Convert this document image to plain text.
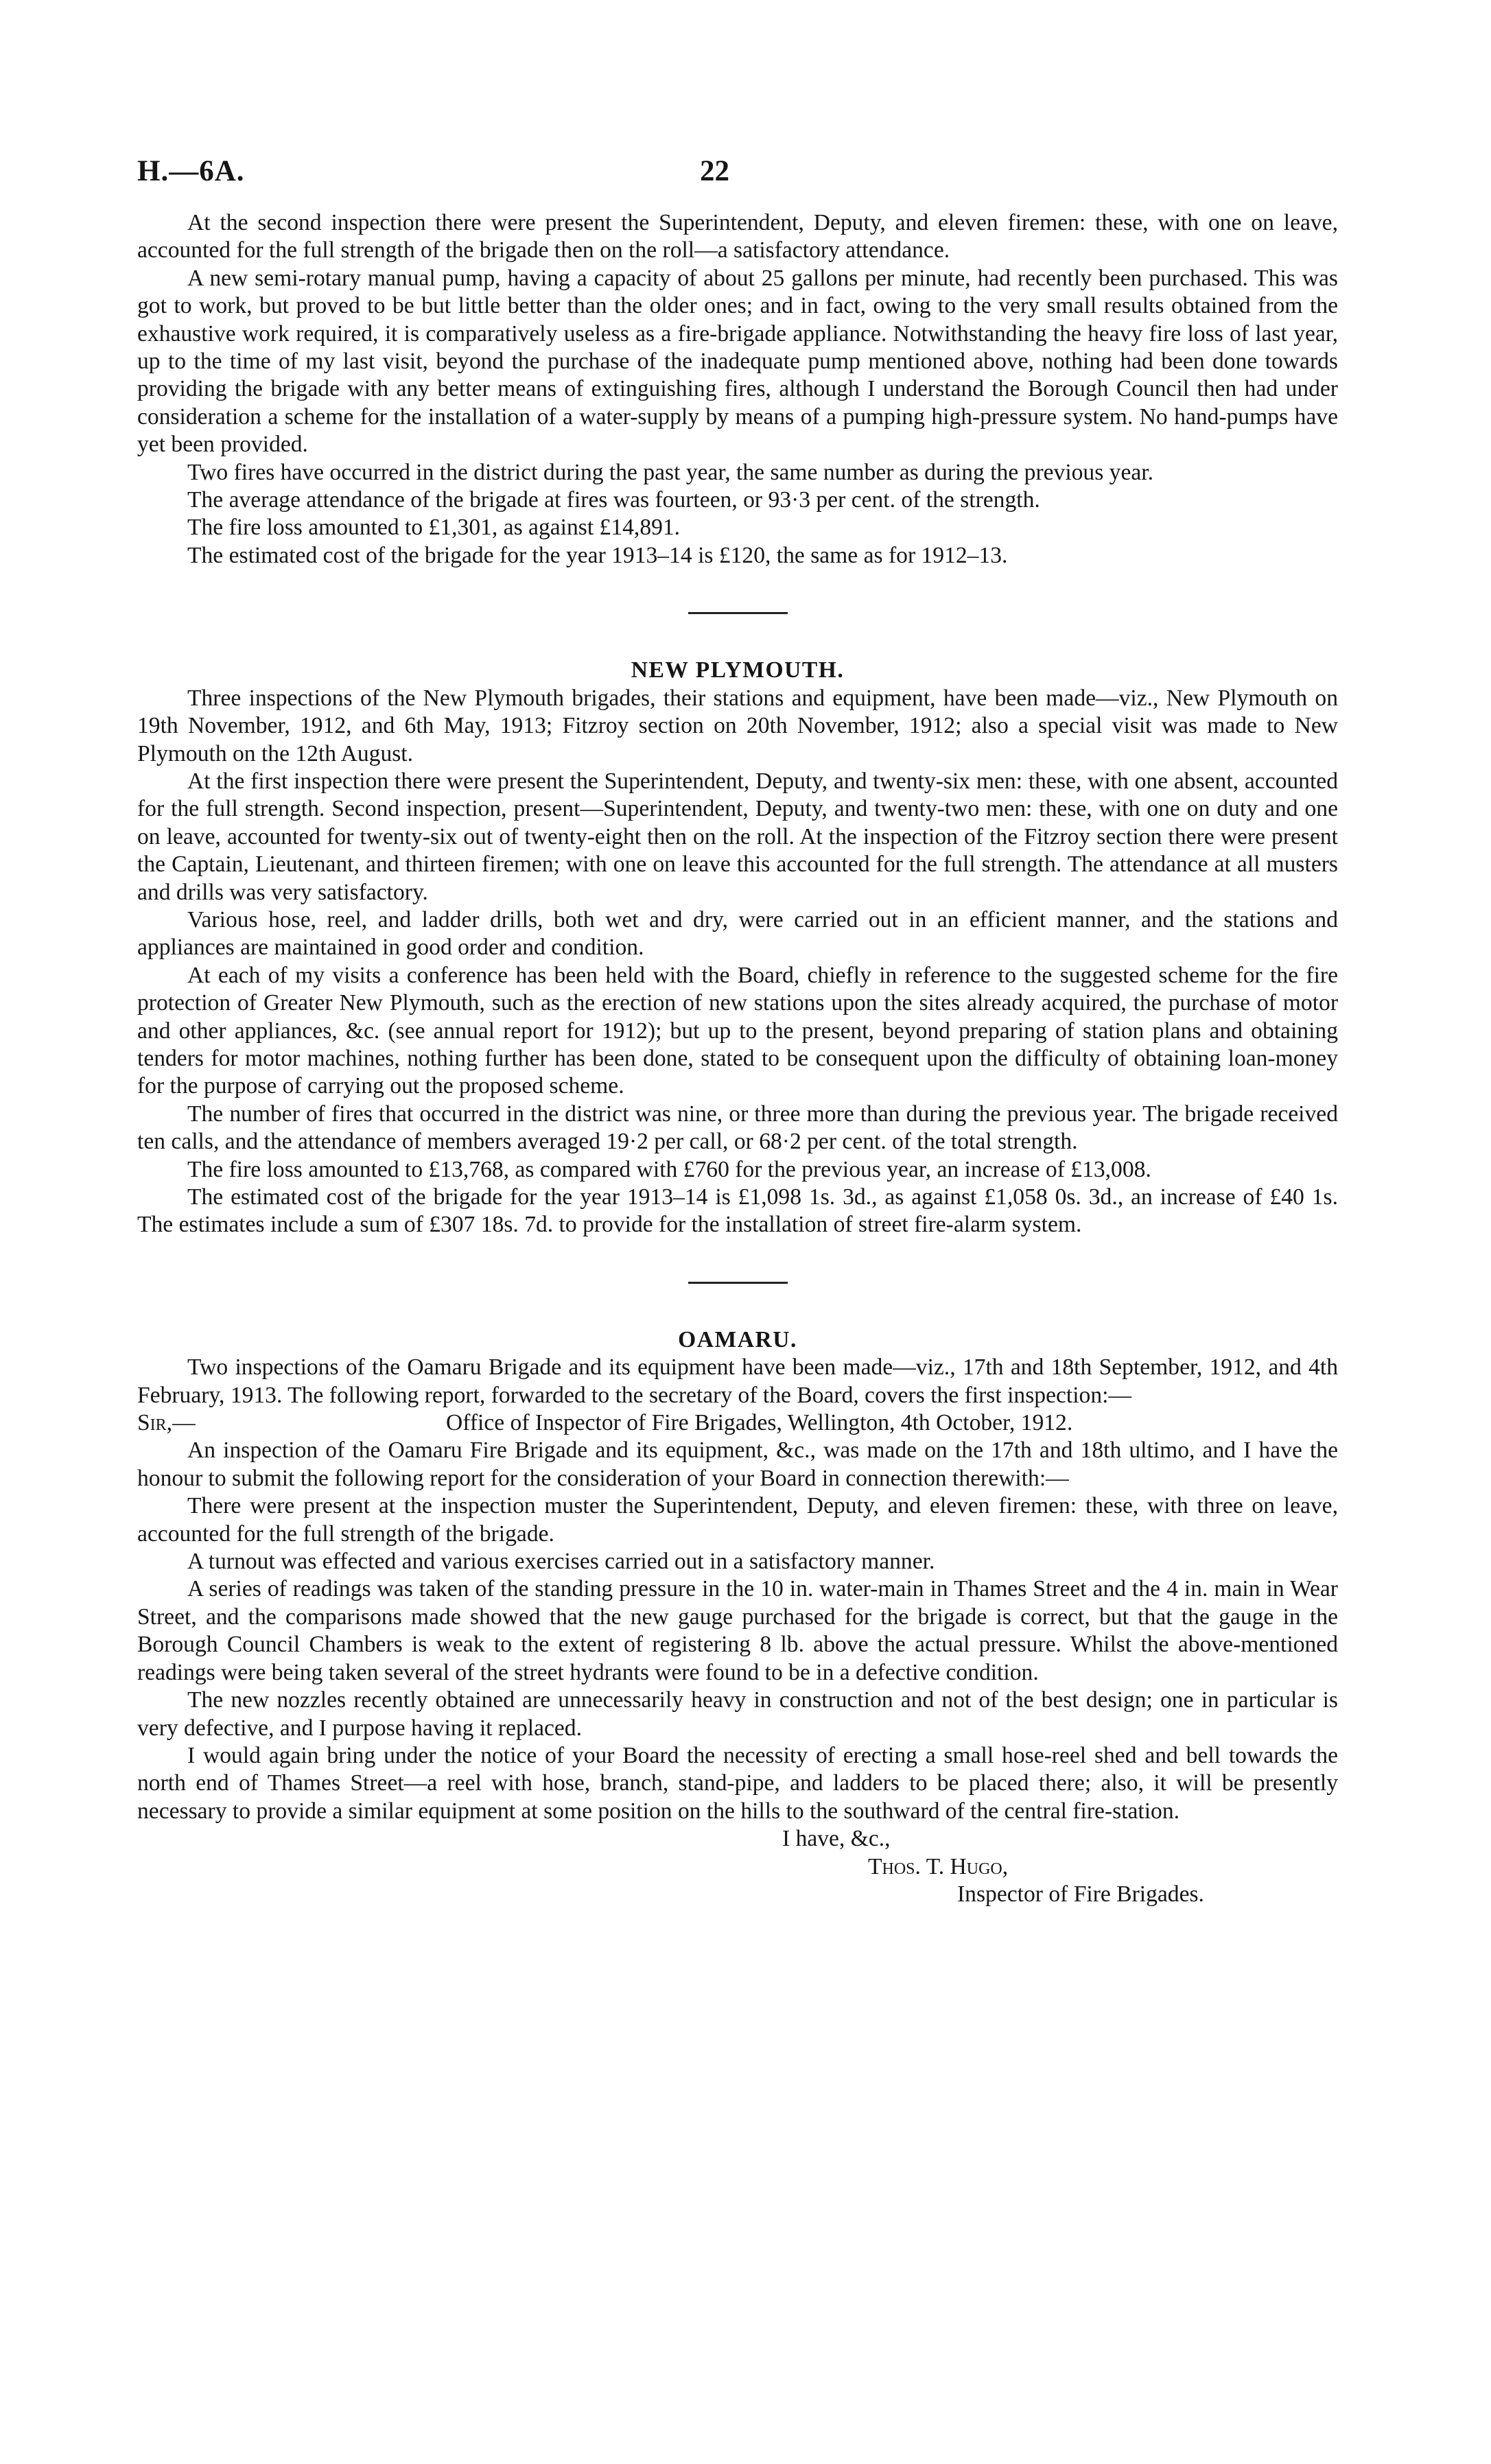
H.—6A.	22

At the second inspection there were present the Superintendent, Deputy, and eleven firemen: these, with one on leave, accounted for the full strength of the brigade then on the roll—a satisfactory attendance.

A new semi-rotary manual pump, having a capacity of about 25 gallons per minute, had recently been purchased. This was got to work, but proved to be but little better than the older ones; and in fact, owing to the very small results obtained from the exhaustive work required, it is comparatively useless as a fire-brigade appliance. Notwithstanding the heavy fire loss of last year, up to the time of my last visit, beyond the purchase of the inadequate pump mentioned above, nothing had been done towards providing the brigade with any better means of extinguishing fires, although I understand the Borough Council then had under consideration a scheme for the installation of a water-supply by means of a pumping high-pressure system. No hand-pumps have yet been provided.

Two fires have occurred in the district during the past year, the same number as during the previous year.

The average attendance of the brigade at fires was fourteen, or 93·3 per cent. of the strength.

The fire loss amounted to £1,301, as against £14,891.

The estimated cost of the brigade for the year 1913–14 is £120, the same as for 1912–13.

NEW PLYMOUTH.

Three inspections of the New Plymouth brigades, their stations and equipment, have been made—viz., New Plymouth on 19th November, 1912, and 6th May, 1913; Fitzroy section on 20th November, 1912; also a special visit was made to New Plymouth on the 12th August.

At the first inspection there were present the Superintendent, Deputy, and twenty-six men: these, with one absent, accounted for the full strength. Second inspection, present—Superintendent, Deputy, and twenty-two men: these, with one on duty and one on leave, accounted for twenty-six out of twenty-eight then on the roll. At the inspection of the Fitzroy section there were present the Captain, Lieutenant, and thirteen firemen; with one on leave this accounted for the full strength. The attendance at all musters and drills was very satisfactory.

Various hose, reel, and ladder drills, both wet and dry, were carried out in an efficient manner, and the stations and appliances are maintained in good order and condition.

At each of my visits a conference has been held with the Board, chiefly in reference to the suggested scheme for the fire protection of Greater New Plymouth, such as the erection of new stations upon the sites already acquired, the purchase of motor and other appliances, &c. (see annual report for 1912); but up to the present, beyond preparing of station plans and obtaining tenders for motor machines, nothing further has been done, stated to be consequent upon the difficulty of obtaining loan-money for the purpose of carrying out the proposed scheme.

The number of fires that occurred in the district was nine, or three more than during the previous year. The brigade received ten calls, and the attendance of members averaged 19·2 per call, or 68·2 per cent. of the total strength.

The fire loss amounted to £13,768, as compared with £760 for the previous year, an increase of £13,008.

The estimated cost of the brigade for the year 1913–14 is £1,098 1s. 3d., as against £1,058 0s. 3d., an increase of £40 1s. The estimates include a sum of £307 18s. 7d. to provide for the installation of street fire-alarm system.

OAMARU.

Two inspections of the Oamaru Brigade and its equipment have been made—viz., 17th and 18th September, 1912, and 4th February, 1913. The following report, forwarded to the secretary of the Board, covers the first inspection:—

Sir,—	Office of Inspector of Fire Brigades, Wellington, 4th October, 1912.

An inspection of the Oamaru Fire Brigade and its equipment, &c., was made on the 17th and 18th ultimo, and I have the honour to submit the following report for the consideration of your Board in connection therewith:—

There were present at the inspection muster the Superintendent, Deputy, and eleven firemen: these, with three on leave, accounted for the full strength of the brigade.

A turnout was effected and various exercises carried out in a satisfactory manner.

A series of readings was taken of the standing pressure in the 10 in. water-main in Thames Street and the 4 in. main in Wear Street, and the comparisons made showed that the new gauge purchased for the brigade is correct, but that the gauge in the Borough Council Chambers is weak to the extent of registering 8 lb. above the actual pressure. Whilst the above-mentioned readings were being taken several of the street hydrants were found to be in a defective condition.

The new nozzles recently obtained are unnecessarily heavy in construction and not of the best design; one in particular is very defective, and I purpose having it replaced.

I would again bring under the notice of your Board the necessity of erecting a small hose-reel shed and bell towards the north end of Thames Street—a reel with hose, branch, stand-pipe, and ladders to be placed there; also, it will be presently necessary to provide a similar equipment at some position on the hills to the southward of the central fire-station.

I have, &c.,
Thos. T. Hugo,
Inspector of Fire Brigades.
